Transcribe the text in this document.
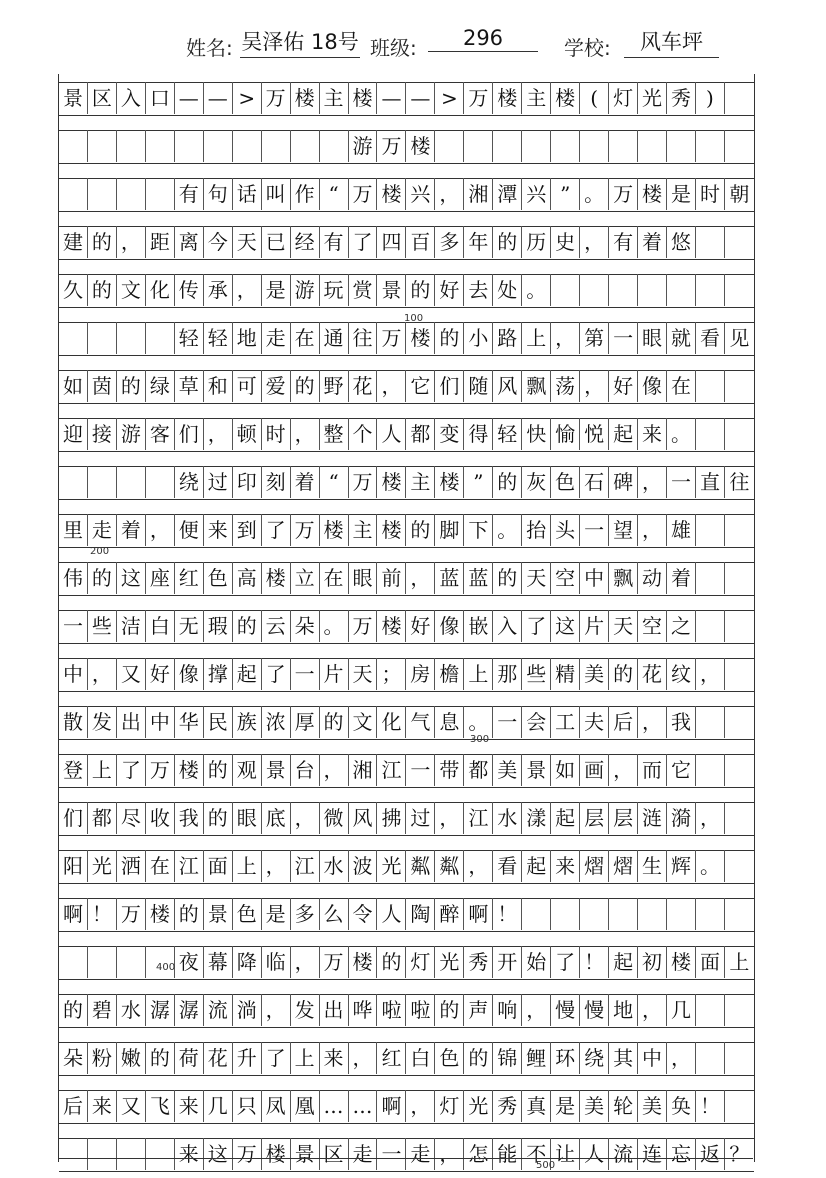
姓名: 吴泽佑 18号 班级:	296	学校:	风车坪
景 区 入 口 — — > 万 楼 主 楼 — — > 万 楼 主 楼 ( 灯 光 秀 )
游 万 楼
有 句 话 叫 作 “ 万 楼 兴 ， 湘 潭 兴 ” 。 万 楼 是 时 朝
建 的 ， 距 离 今 天 已 经 有 了 四 百 多 年 的 历 史 ， 有 着 悠
久 的 文 化 传 承 ， 是 游 玩 赏 景 的 好 去 处 。
轻 轻 地 走 在 通 往 万 楼 的 小 路 上 ， 第 一 眼 就 看 见
如 茵 的 绿 草 和 可 爱 的 野 花 ， 它 们 随 风 飘 荡 ， 好 像 在
迎 接 游 客 们 ， 顿 时 ， 整 个 人 都 变 得 轻 快 愉 悦 起 来 。
绕 过 印 刻 着 “ 万 楼 主 楼 ” 的 灰 色 石 碑 ， 一 直 往
里 走 着 ， 便 来 到 了 万 楼 主 楼 的 脚 下 。 抬 头 一 望 ， 雄
伟 的 这 座 红 色 高 楼 立 在 眼 前 ， 蓝 蓝 的 天 空 中 飘 动 着
一 些 洁 白 无 瑕 的 云 朵 。 万 楼 好 像 嵌 入 了 这 片 天 空 之
中 ， 又 好 像 撑 起 了 一 片 天 ； 房 檐 上 那 些 精 美 的 花 纹 ，
散 发 出 中 华 民 族 浓 厚 的 文 化 气 息 。 一 会 工 夫 后 ， 我
登 上 了 万 楼 的 观 景 台 ， 湘 江 一 带 都 美 景 如 画 ， 而 它
们 都 尽 收 我 的 眼 底 ， 微 风 拂 过 ， 江 水 漾 起 层 层 涟 漪 ，
阳 光 洒 在 江 面 上 ， 江 水 波 光 粼 粼 ， 看 起 来 熠 熠 生 辉 。
啊 ！ 万 楼 的 景 色 是 多 么 令 人 陶 醉 啊 ！
夜 幕 降 临 ， 万 楼 的 灯 光 秀 开 始 了 ！ 起 初 楼 面 上
的 碧 水 潺 潺 流 淌 ， 发 出 哗 啦 啦 的 声 响 ， 慢 慢 地 ， 几
朵 粉 嫩 的 荷 花 升 了 上 来 ， 红 白 色 的 锦 鲤 环 绕 其 中 ，
后 来 又 飞 来 几 只 凤 凰 … … 啊 ， 灯 光 秀 真 是 美 轮 美 奂 ！
来 这 万 楼 景 区 走 一 走 ， 怎 能 不 让 人 流 连 忘 返 ？
100
200
300
400
500
